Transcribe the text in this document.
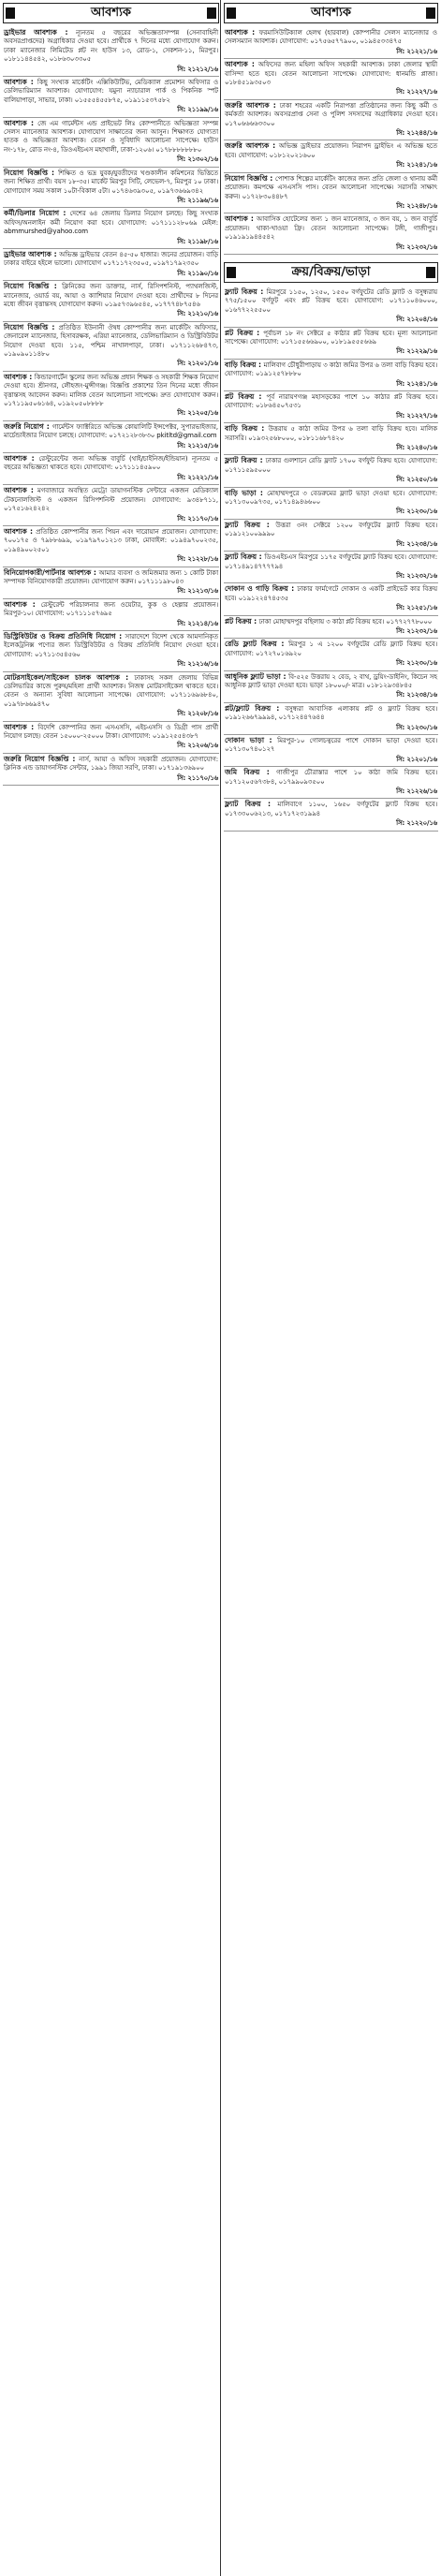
আবশ্যক
ড্রাইভার আবশ্যক : ন্যূনতম ৫ বছরের অভিজ্ঞতাসম্পন্ন (সেনাবাহিনী অবসরপ্রাপ্তদের) অগ্রাধিকার দেওয়া হবে। প্রার্থীকে ৭ দিনের মধ্যে যোগাযোগ করুন। ঢাকা ম্যানেজার লিমিটেড প্লট নং হাউস ১৩, রোড-১, সেকশন-১১, মিরপুর। ০১৮১১৪৪৫৪২, ০১৮৬৩০৩৩০৫
সি: ২১২১২/১৬
আবশ্যক : কিছু সংখ্যক মার্কেটিং এক্সিকিউটিভ, মেডিক্যাল প্রমোশন অফিসার ও ডেলিভারিম্যান আবশ্যক। যোগাযোগ: যমুনা ন্যাচারাল পার্ক ও পিকনিক স্পট বালিয়াপাড়া, সাভার, ঢাকা। ০১৫৫৫৪৫৫৮৭৫, ০১৯১১৫৩৭৫৮২
সি: ২১১৯৯/১৬
আবশ্যক : জে এম গার্মেন্টস এন্ড প্রাইভেট লিঃ কোম্পানীতে অভিজ্ঞতা সম্পন্ন সেলস ম্যানেজার আবশ্যক। যোগাযোগ সাক্ষাতের জন্য আসুন। শিক্ষাগত যোগ্যতা হাতক ও অভিজ্ঞতা আবশ্যক। বেতন ও সুবিধাদি আলোচনা সাপেক্ষে। হাউস নং-১৭৮, রোড নং-৪, ডিওএইচএস মহাখালী, ঢাকা-১২০৬। ০১৭৮৮৮৮৮৮৮০
সি: ২১৩০২/১৬
নিয়োগ বিজ্ঞপ্তি : শিক্ষিত ও ভদ্র যুবক/যুবতীদের খণ্ডকালীন কমিশনের ভিত্তিতে জন্য শিক্ষিত প্রার্থী। বয়স ১৮-৩৫। মার্কেট মিরপুর সিটি, লেভেল-৭, মিরপুর ১০ ঢাকা। যোগাযোগ সময় সকাল ১০টা-বিকাল ৫টা। ০১৭৪৬৩৯৩০৫, ০১৯৭৩৬৬৯৩৪২
সি: ২১১৯৬/১৬
কর্মী/ডিলার নিয়োগ : দেশের ৬৪ জেলায় ডিলার নিয়োগ চলছে। কিছু সংখ্যক অফিস/অনলাইন কর্মী নিয়োগ করা হবে। যোগাযোগ: ০১৭১১১২৮০৬৯ মেইল: abmmurshed@yahoo.com
সি: ২১১৯৮/১৬
ড্রাইভার আবশ্যক : অভিজ্ঞ ড্রাইভার বেতন ৪৫-৫০ হাজার। জনের প্রয়োজন। বাড়ি ঢাকার বাইরে হইলে ভালো। যোগাযোগ ০১৭১১৭২৩৫০৫, ০১৯৭১৭৯২৩৫০
সি: ২১১৯০/১৬
নিয়োগ বিজ্ঞপ্তি : ক্লিনিকের জন্য ডাক্তার, নার্স, রিসিপশনিস্ট, প্যাথলজিস্ট, ম্যানেজার, ওয়ার্ড বয়, আয়া ও ক্যাশিয়ার নিয়োগ দেওয়া হবে। প্রার্থীদের ৮ দিনের মধ্যে জীবন বৃত্তান্তসহ যোগাযোগ করুন। ০১৯৫৭৩৯৬৫৪৫, ০১৭৭৭৪৮৭৫৪৬
সি: ২১২১০/১৬
নিয়োগ বিজ্ঞপ্তি : প্রতিষ্ঠিত ইউনানী ঔষধ কোম্পানীর জন্য মার্কেটিং অফিসার, জেনারেল ম্যানেজার, হিসাবরক্ষক, এরিয়া ম্যানেজার, ডেলিভারিম্যান ও ডিস্ট্রিবিউটর নিয়োগ দেওয়া হবে। ১১৫, পশ্চিম নাখালপাড়া, ঢাকা। ০১৭১১২৬৮৪৭৩, ০১৯০৯০১১৪৮০
সি: ২১২০১/১৬
আবশ্যক : কিন্ডারগার্টেন স্কুলের জন্য অভিজ্ঞ প্রধান শিক্ষক ও সহকারী শিক্ষক নিয়োগ দেওয়া হবে। শ্রীনগর, লৌহজং-মুন্সীগঞ্জ। বিজ্ঞপ্তি প্রকাশের তিন দিনের মধ্যে জীবন বৃত্তান্তসহ আবেদন করুন। মালিক বেতন আলোচনা সাপেক্ষে। দ্রুত যোগাযোগ করুন। ০১৭১১৯৫০৬১৬৪, ০১৯২০৫০৮৮৮৮
সি: ২১২০৫/১৬
জরুরি নিয়োগ : গার্মেন্টস ফ্যাক্টরিতে অভিজ্ঞ কোয়ালিটি ইন্সপেক্টর, সুপারভাইজার, মার্চেন্ডাইজার নিয়োগ চলছে। যোগাযোগ: ০১৭২১২৮৩৮৩০ pkitltd@gmail.com
সি: ২১২১৫/১৬
আবশ্যক : রেস্টুরেন্টের জন্য অভিজ্ঞ বাবুর্চি (থাই/চাইনিজ/ইন্ডিয়ান) ন্যূনতম ৫ বছরের অভিজ্ঞতা থাকতে হবে। যোগাযোগ: ০১৭১১১৪৫৯০০
সি: ২১২২১/১৬
আবশ্যক : মগবাজারে অবস্থিত মেট্রো ডায়াগনস্টিক সেন্টারে একজন মেডিক্যাল টেকনোলজিস্ট ও একজন রিসিপশনিস্ট প্রয়োজন। যোগাযোগ: ৯৩৪৮৭১১, ০১৭৫১৬২৪২৪২
সি: ২১১৭০/১৬
আবশ্যক : প্রতিষ্ঠিত কোম্পানীর জন্য পিয়ন এবং দারোয়ান প্রয়োজন। যোগাযোগ: ৭০০১৭৫ ও ৭৯৮৮৬৯৯, ০১৯৭৯৭০১২১৩ ঢাকা, মোবাইল: ০১৯৪৯৭০০২৩৫, ০১৯৪৯০০২৫০১
সি: ২১২২৮/১৬
বিনিয়োগকারী/পার্টনার আবশ্যক : আমার ব্যবসা ও জমিজমার জন্য ১ কোটি টাকা সম্পাদক বিনিয়োগকারী প্রয়োজন। যোগাযোগ করুন। ০১৭১১১৯৮০৪৩
সি: ২১২১৩/১৬
আবশ্যক : রেস্টুরেন্ট পরিচালনার জন্য ওয়েটার, কুক ও হেল্পার প্রয়োজন। মিরপুর-১০। যোগাযোগ: ০১৭১১১৫৭৬৯৫
সি: ২১২১৪/১৬
ডিস্ট্রিবিউটর ও বিক্রয় প্রতিনিধি নিয়োগ : সারাদেশে বিদেশ থেকে আমদানিকৃত ইলেকট্রনিক্স পণ্যের জন্য ডিস্ট্রিবিউটর ও বিক্রয় প্রতিনিধি নিয়োগ দেওয়া হবে। যোগাযোগ: ০১৭১১৩৫৪৫৬০
সি: ২১২১৬/১৬
মোটরসাইকেল/সাইকেল চালক আবশ্যক : ঢাকাসহ সকল জেলায় বিভিন্ন ডেলিভারির কাজে পুরুষ/মহিলা প্রার্থী আবশ্যক। নিজস্ব মোটরসাইকেল থাকতে হবে। বেতন ও অন্যান্য সুবিধা আলোচনা সাপেক্ষে। যোগাযোগ: ০১৭১১৬৯৬৮৪০, ০১৯৭৮৬৬৯৪৭০
সি: ২১২০৮/১৬
আবশ্যক : বিদেশি কোম্পানির জন্য এসএসসি, এইচএসসি ও ডিগ্রী পাস প্রার্থী নিয়োগ চলছে। বেতন ১৫০০০-২৫০০০ টাকা। যোগাযোগ: ০১৯১২৫৫৪৩৮৭
সি: ২১২০৬/১৬
জরুরি নিয়োগ বিজ্ঞপ্তি : নার্স, আয়া ও অফিস সহকারী প্রয়োজন। যোগাযোগ: ক্লিনিক এন্ড ডায়াগনস্টিক সেন্টার, ১৯৯১ জিয়া সরণি, ঢাকা। ০১৭১৯১৩৬৯০০
সি: ২১১৭০/১৬
আবশ্যক
আবশ্যক : ফরমাসিউটিক্যাল হেলথ (হারবাল) কোম্পানীর সেলস ম্যানেজার ও সেলসম্যান আবশ্যক। যোগাযোগ: ০১৭৫৬৫৭৭৯০০, ০১৯৪৫৩৩৪৭৫
সি: ২১২২১/১৬
আবশ্যক : অফিসের জন্য মহিলা অফিস সহকারী আবশ্যক। ঢাকা জেলার স্থায়ী বাসিন্দা হতে হবে। বেতন আলোচনা সাপেক্ষে। যোগাযোগ: ধানমন্ডি প্লাজা। ০১৮৪৫১৯৩৫০৩
সি: ২১২২৭/১৬
জরুরি আবশ্যক : ঢাকা শহরের একটি নিরাপত্তা প্রতিষ্ঠানের জন্য কিছু কর্মী ও কর্মকর্তা আবশ্যক। অবসরপ্রাপ্ত সেনা ও পুলিশ সদস্যদের অগ্রাধিকার দেওয়া হবে। ০১৭০৬৬৬৬৩৩০০
সি: ২১২৪৪/১৬
জরুরি আবশ্যক : অভিজ্ঞ ড্রাইভার প্রয়োজন। নিরাপদ ড্রাইভিং এ অভিজ্ঞ হতে হবে। যোগাযোগ: ০১৮১২০২১৬০০
সি: ২১২৪১/১৬
নিয়োগ বিজ্ঞপ্তি : পোশাক শিল্পের মার্কেটিং কাজের জন্য প্রতি জেলা ও থানায় কর্মী প্রয়োজন। কমপক্ষে এসএসসি পাস। বেতন আলোচনা সাপেক্ষে। সরাসরি সাক্ষাৎ করুন। ০১৭২৮৩০৪৪৮৭
সি: ২১২৪৮/১৬
আবশ্যক : আবাসিক হোটেলের জন্য ১ জন ম্যানেজার, ৩ জন বয়, ১ জন বাবুর্চি প্রয়োজন। থাকা-খাওয়া ফ্রি। বেতন আলোচনা সাপেক্ষে। টঙ্গী, গাজীপুর। ০১৯১৯১৯৪৪৫৪২
সি: ২১২৩২/১৬
ক্রয়/বিক্রয়/ভাড়া
ফ্ল্যাট বিক্রয় : মিরপুরে ১১৫০, ১২৫০, ১৫৫০ বর্গফুটের রেডি ফ্ল্যাট ও বসুন্ধরায় ৭৭৫/১৫০০ বর্গফুট এবং প্লট বিক্রয় হবে। যোগাযোগ: ০১৭১১০৪৬০০০, ০১৬৭৭২২৫৫০০
সি: ২১২০৪/১৬
প্লট বিক্রয় : পূর্বাচল ১৮ নং সেক্টরে ৫ কাঠার প্লট বিক্রয় হবে। মূল্য আলোচনা সাপেক্ষে। যোগাযোগ: ০১৭১৫৫৬৬৯০০, ০১৮১৯৫৫৫৬৬৯
সি: ২১২২৯/১৬
বাড়ি বিক্রয় : মালিবাগ চৌধুরীপাড়ায় ৩ কাঠা জমির উপর ৬ তলা বাড়ি বিক্রয় হবে। যোগাযোগ: ০১৯১২৫৭৮৮৮০
সি: ২১২৪১/১৬
প্লট বিক্রয় : পূর্ব নারায়ণগঞ্জ মহাসড়কের পাশে ১০ কাঠার প্লট বিক্রয় হবে। যোগাযোগ: ০১৮৬৪৫০৭৫৩১
সি: ২১২২৭/১৬
বাড়ি বিক্রয় : উত্তরায় ৫ কাঠা জমির উপর ৬ তলা বাড়ি বিক্রয় হবে। মালিক সরাসরি। ০১৯৩২৫৬৮০০০, ০১৮১১৬৮৭৪২০
সি: ২১২৪০/১৬
ফ্ল্যাট বিক্রয় : ঢাকার গুলশানে রেডি ফ্ল্যাট ১৭০০ বর্গফুট বিক্রয় হবে। যোগাযোগ: ০১৭১১৫৯৫০০০
সি: ২১২৫০/১৬
বাড়ি ভাড়া : মোহাম্মদপুরে ৩ বেডরুমের ফ্ল্যাট ভাড়া দেওয়া হবে। যোগাযোগ: ০১৭১৩০০৯৭৩৫, ০১৭১৪৯৪৬৬০০
সি: ২১২৩০/১৬
ফ্ল্যাট বিক্রয় : উত্তরা ৩নং সেক্টরে ১২০০ বর্গফুটের ফ্ল্যাট বিক্রয় হবে। ০১৯১২১০০৯৯৯০
সি: ২১২৩৪/১৬
ফ্ল্যাট বিক্রয় : ডিওএইচএস মিরপুরে ১১৭৫ বর্গফুটের ফ্ল্যাট বিক্রয় হবে। যোগাযোগ: ০১৭১৪৯১৪৭৭৭৭৯৪
সি: ২১২৩২/১৬
দোকান ও গাড়ি বিক্রয় : ঢাকার ফার্মগেটে দোকান ও একটি প্রাইভেট কার বিক্রয় হবে। ০১৯১২২৪৭৪৫৩৫
সি: ২১২৫১/১৬
প্লট বিক্রয় : ঢাকা মোহাম্মদপুর বছিলায় ৩ কাঠা প্লট বিক্রয় হবে। ০১৭৭২৭৭৮০০০
সি: ২১২৩২/১৬
রেডি ফ্ল্যাট বিক্রয় : মিরপুর ১ এ ১২০০ বর্গফুটের রেডি ফ্ল্যাট বিক্রয় হবে। যোগাযোগ: ০১৭২৭০১৬৯২০
সি: ২১২৩০/১৬
আধুনিক ফ্ল্যাট ভাড়া : বি-৫২৫ উত্তরায় ২ বেড, ২ বাথ, ড্রয়িং-ডাইনিং, কিচেন সহ আধুনিক ফ্ল্যাট ভাড়া দেওয়া হবে। ভাড়া ১৮০০০/- মাত্র। ০১৮১২৯৩৪৮৪৫
সি: ২১২৩৪/১৬
প্লট/ফ্ল্যাট বিক্রয় : বসুন্ধরা আবাসিক এলাকায় প্লট ও ফ্ল্যাট বিক্রয় হবে। ০১৯১২৬৬৭৯৯৯৪, ০১৭১২৪৪৭৬৪৪
সি: ২১২৩০/১৬
দোকান ভাড়া : মিরপুর-১০ গোলচত্বরের পাশে দোকান ভাড়া দেওয়া হবে। ০১৭১৩০৭৪০১২৭
সি: ২১২০১/১৬
জমি বিক্রয় : গাজীপুর চৌরাস্তার পাশে ১০ কাঠা জমি বিক্রয় হবে। ০১৭১২০৫৬৭৩৮৪, ০১৭৯৯০৯৩৫০০
সি: ২১২২৬/১৬
ফ্ল্যাট বিক্রয় : মালিবাগে ১১০০, ১৬৫০ বর্গফুটের ফ্ল্যাট বিক্রয় হবে। ০১৭৩৩০০৬২১৩, ০১৭১৭২৩১৯৯৪
সি: ২১২২০/১৬
